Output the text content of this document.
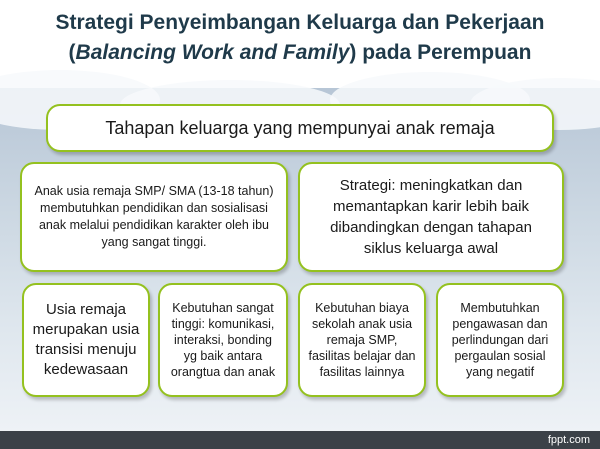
Strategi Penyeimbangan Keluarga dan Pekerjaan
(Balancing Work and Family) pada Perempuan
Tahapan keluarga yang mempunyai anak remaja
Anak usia remaja SMP/ SMA (13-18 tahun) membutuhkan pendidikan dan sosialisasi anak melalui pendidikan karakter oleh ibu yang sangat tinggi.
Strategi: meningkatkan dan memantapkan karir lebih baik dibandingkan dengan tahapan siklus keluarga awal
Usia remaja merupakan usia transisi menuju kedewasaan
Kebutuhan sangat tinggi: komunikasi, interaksi, bonding yg baik antara orangtua dan anak
Kebutuhan biaya sekolah anak usia remaja SMP, fasilitas belajar dan fasilitas lainnya
Membutuhkan pengawasan dan perlindungan dari pergaulan sosial yang negatif
fppt.com
